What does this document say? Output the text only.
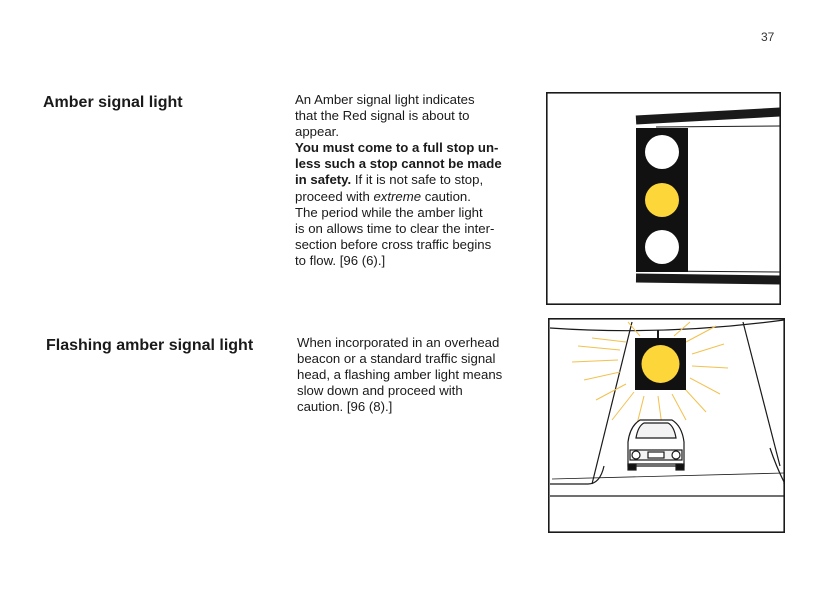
37
Amber signal light	An Amber signal light indicates
that the Red signal is about to
appear.
You must come to a full stop un-
less such a stop cannot be made
in safety. If it is not safe to stop,
proceed with extreme caution.
The period while the amber light
is on allows time to clear the inter-
section before cross traffic begins
to flow. [96 (6).]
Flashing amber signal light	When incorporated in an overhead
beacon or a standard traffic signal
head, a flashing amber light means
slow down and proceed with
caution. [96 (8).]
